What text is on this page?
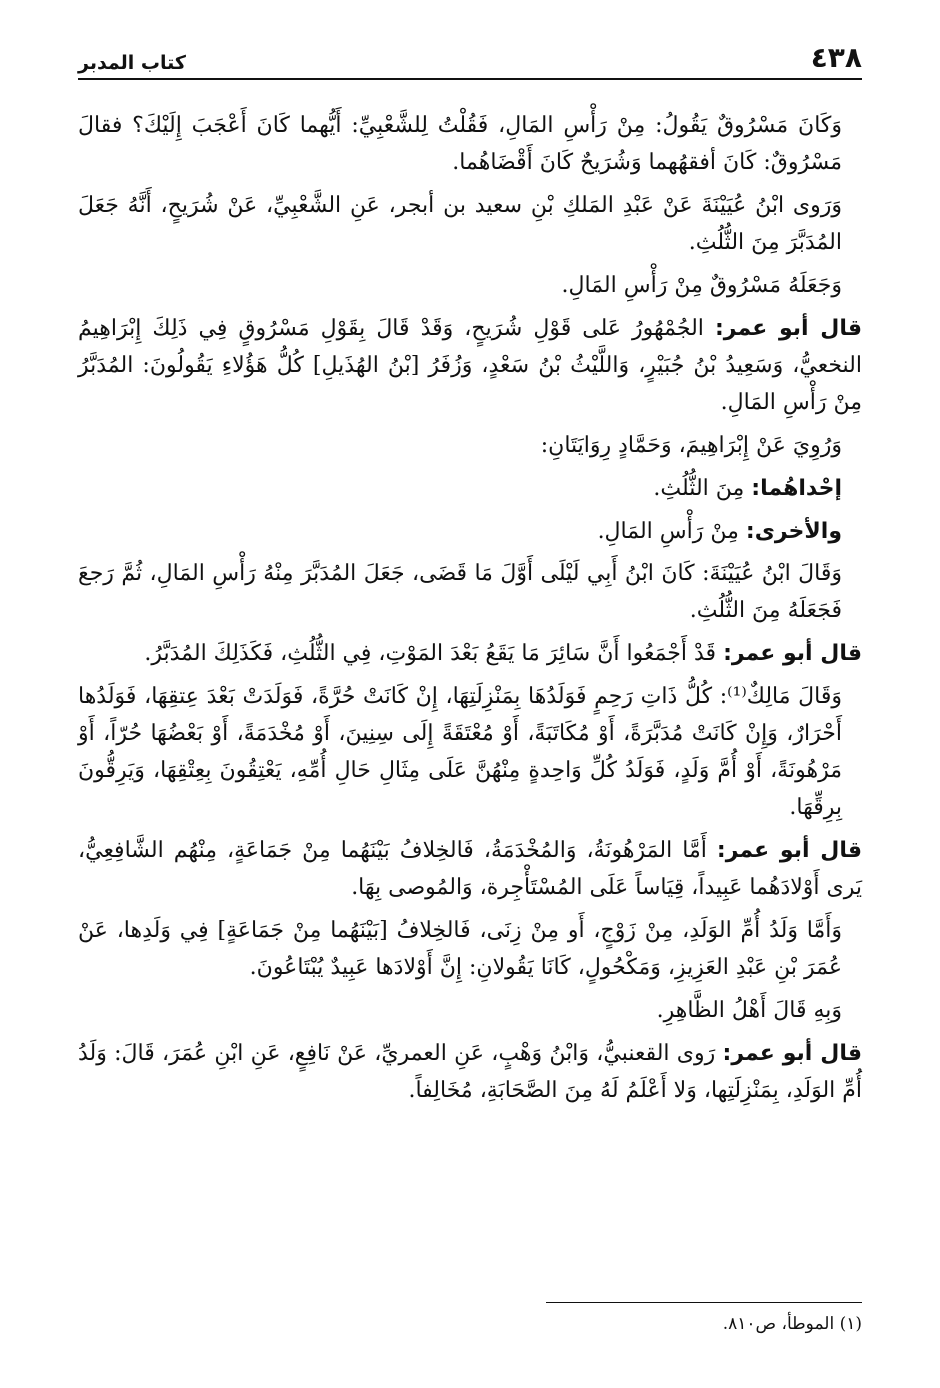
٤٣٨
كتاب المدبر

وَكَانَ مَسْرُوقٌ يَقُولُ: مِنْ رَأْسِ المَالِ، فَقُلْتُ لِلشَّعْبِيِّ: أَيُّهما كَانَ أَعْجَبَ إِلَيْكَ؟ فقالَ مَسْرُوقٌ: كَانَ أفقهُهما وَشُرَيحٌ كَانَ أَقْضَاهُما.

وَرَوى ابْنُ عُيَيْنَةَ عَنْ عَبْدِ المَلكِ بْنِ سعيد بن أبجر، عَنِ الشَّعْبِيِّ، عَنْ شُرَيحٍ، أَنَّهُ جَعَلَ المُدَبَّرَ مِنَ الثُّلُثِ.

وَجَعَلَهُ مَسْرُوقٌ مِنْ رَأْسِ المَالِ.

قال أبو عمر: الجُمْهُورُ عَلى قَوْلِ شُرَيحٍ، وَقَدْ قَالَ بِقَوْلِ مَسْرُوقٍ فِي ذَلِكَ إِبْرَاهِيمُ النخعيُّ، وَسَعِيدُ بْنُ جُبَيْرٍ، وَاللَّيْثُ بْنُ سَعْدٍ، وَزُفَرُ [بْنُ الهُذَيلِ] كُلُّ هَؤُلاءِ يَقُولُونَ: المُدَبَّرُ مِنْ رَأْسِ المَالِ.

وَرُوِيَ عَنْ إِبْرَاهِيمَ، وَحَمَّادٍ رِوَايَتَانِ:

إحْداهُما: مِنَ الثُّلُثِ.

والأخرى: مِنْ رَأْسِ المَالِ.

وَقَالَ ابْنُ عُيَيْنَةَ: كَانَ ابْنُ أَبِي لَيْلَى أَوَّلَ مَا قَضَى، جَعَلَ المُدَبَّرَ مِنْهُ رَأْسِ المَالِ، ثُمَّ رَجعَ فَجَعَلَهُ مِنَ الثُّلُثِ.

قال أبو عمر: قَدْ أَجْمَعُوا أَنَّ سَائِرَ مَا يَقَعُ بَعْدَ المَوْتِ، فِي الثُّلُثِ، فَكَذَلِكَ المُدَبَّرُ.

وَقَالَ مَالِكٌ⁽¹⁾: كُلُّ ذَاتِ رَحِمٍ فَوَلَدُهَا بِمَنْزِلَتِهَا، إِنْ كَانَتْ حُرَّةً، فَوَلَدَتْ بَعْدَ عِتقِهَا، فَوَلَدُها أَحْرَارٌ، وَإِنْ كَانَتْ مُدَبَّرَةً، أَوْ مُكَاتَبَةً، أَوْ مُعْتَقَةً إِلَى سِنِينَ، أَوْ مُخْدَمَةً، أَوْ بَعْضُهَا حُرّاً، أَوْ مَرْهُونَةً، أَوْ أُمَّ وَلَدٍ، فَوَلَدُ كُلِّ وَاحِدةٍ مِنْهُنَّ عَلَى مِثَالِ حَالِ أُمِّهِ، يَعْتِقُونَ بِعِتْقِهَا، وَيَرِقُّونَ بِرِقِّهَا.

قال أبو عمر: أَمَّا المَرْهُونَةُ، وَالمُخْدَمَةُ، فَالخِلافُ بَيْنَهُما مِنْ جَمَاعَةٍ، مِنْهُم الشَّافِعِيُّ، يَرى أَوْلادَهُما عَبِيداً، قِيَاساً عَلَى المُسْتَأْجِرة، وَالمُوصى بِهَا.

وَأَمَّا وَلَدُ أُمِّ الوَلَدِ، مِنْ زَوْجٍ، أَو مِنْ زِنَى، فَالخِلافُ [بَيْنَهُما مِنْ جَمَاعَةٍ] فِي وَلَدِها، عَنْ عُمَرَ بْنِ عَبْدِ العَزِيزِ، وَمَكْحُولٍ، كَانَا يَقُولانِ: إِنَّ أَوْلادَها عَبِيدٌ يُبْتَاعُونَ.

وَبِهِ قَالَ أَهْلُ الظَّاهِرِ.

قال أبو عمر: رَوى القعنبيُّ، وَابْنُ وَهْبٍ، عَنِ العمريِّ، عَنْ نَافِعٍ، عَنِ ابْنِ عُمَرَ، قَالَ: وَلَدُ أُمِّ الوَلَدِ، بِمَنْزِلَتِها، وَلا أَعْلَمُ لَهُ مِنَ الصَّحَابَةِ، مُخَالِفاً.

(١) الموطأ، ص٨١٠.
